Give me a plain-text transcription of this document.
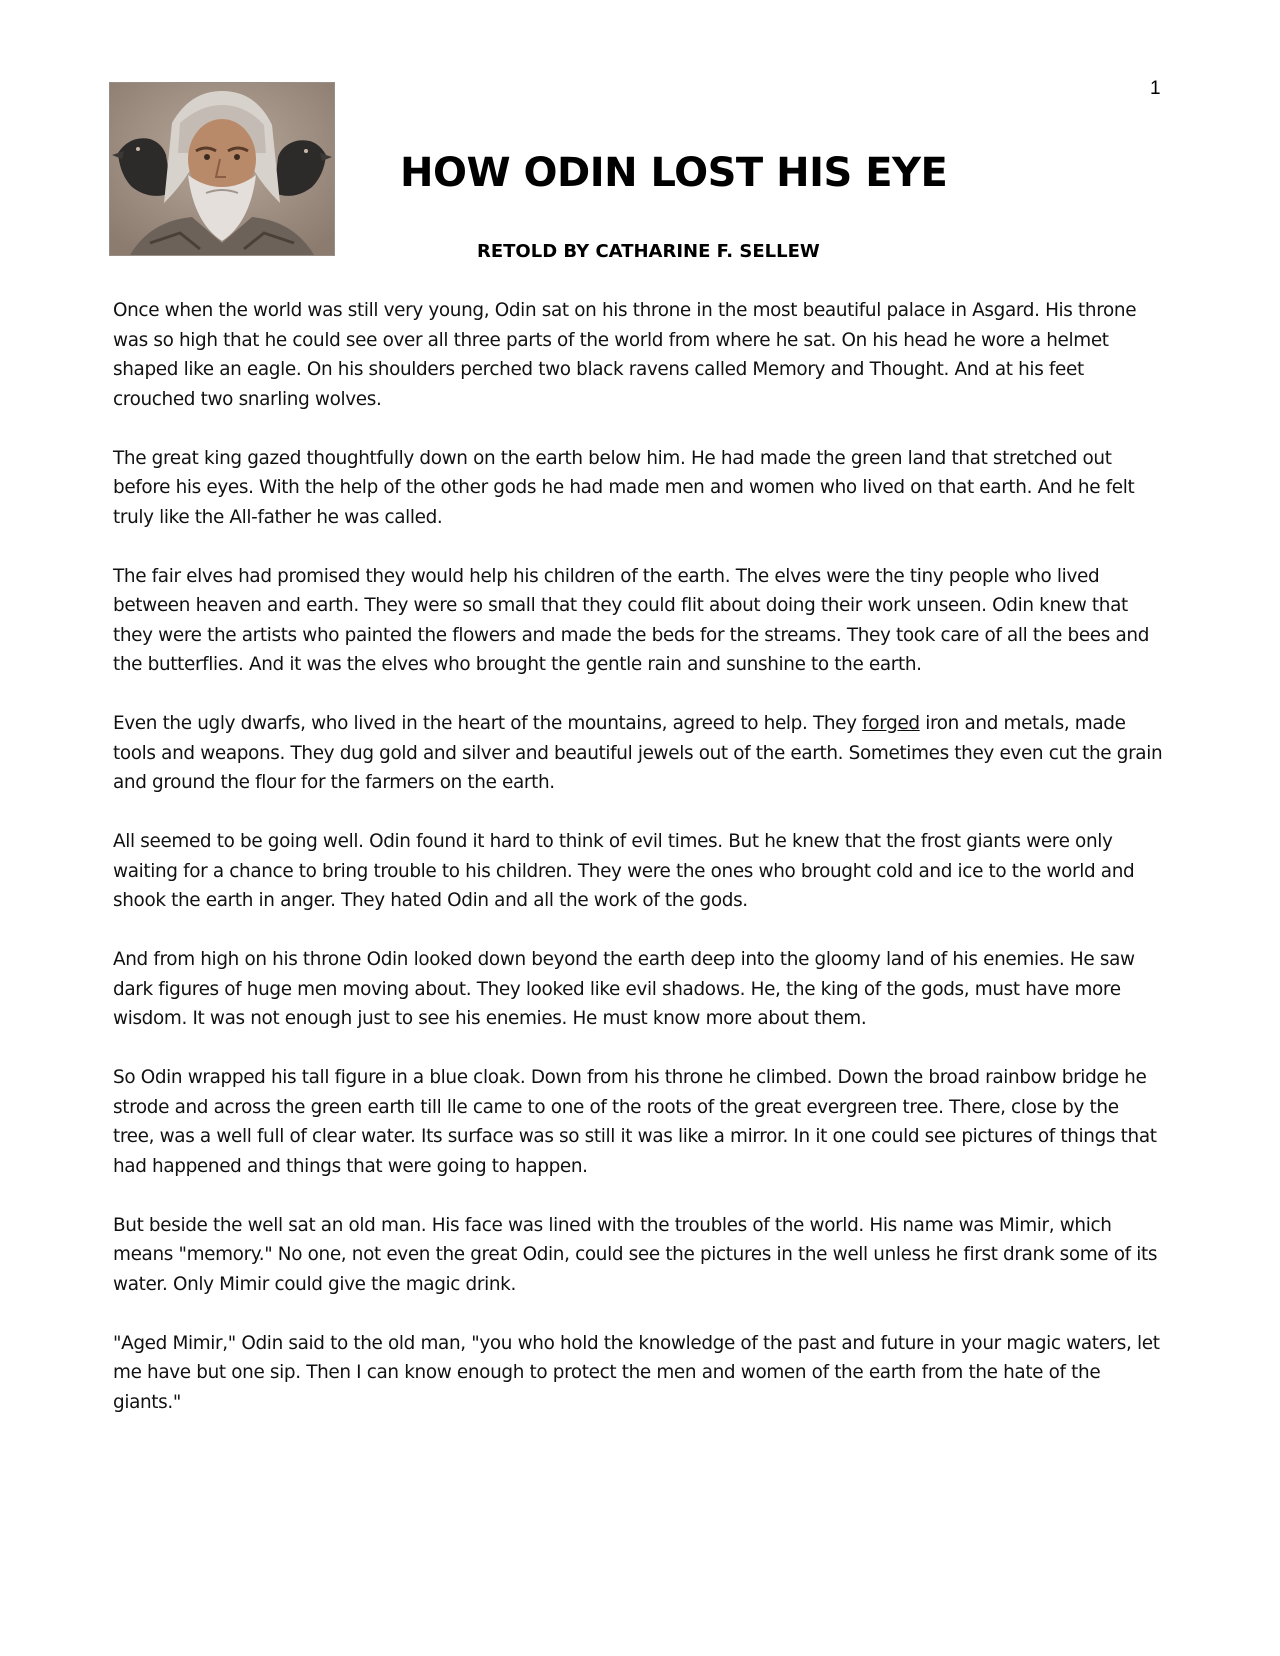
1
HOW ODIN LOST HIS EYE
RETOLD BY CATHARINE F. SELLEW

Once when the world was still very young, Odin sat on his throne in the most beautiful palace in Asgard. His throne was so high that he could see over all three parts of the world from where he sat. On his head he wore a helmet shaped like an eagle. On his shoulders perched two black ravens called Memory and Thought. And at his feet crouched two snarling wolves.

The great king gazed thoughtfully down on the earth below him. He had made the green land that stretched out before his eyes. With the help of the other gods he had made men and women who lived on that earth. And he felt truly like the All-father he was called.

The fair elves had promised they would help his children of the earth. The elves were the tiny people who lived between heaven and earth. They were so small that they could flit about doing their work unseen. Odin knew that they were the artists who painted the flowers and made the beds for the streams. They took care of all the bees and the butterflies. And it was the elves who brought the gentle rain and sunshine to the earth.

Even the ugly dwarfs, who lived in the heart of the mountains, agreed to help. They forged iron and metals, made tools and weapons. They dug gold and silver and beautiful jewels out of the earth. Sometimes they even cut the grain and ground the flour for the farmers on the earth.

All seemed to be going well. Odin found it hard to think of evil times. But he knew that the frost giants were only waiting for a chance to bring trouble to his children. They were the ones who brought cold and ice to the world and shook the earth in anger. They hated Odin and all the work of the gods.

And from high on his throne Odin looked down beyond the earth deep into the gloomy land of his enemies. He saw dark figures of huge men moving about. They looked like evil shadows. He, the king of the gods, must have more wisdom. It was not enough just to see his enemies. He must know more about them.

So Odin wrapped his tall figure in a blue cloak. Down from his throne he climbed. Down the broad rainbow bridge he strode and across the green earth till lle came to one of the roots of the great evergreen tree. There, close by the tree, was a well full of clear water. Its surface was so still it was like a mirror. In it one could see pictures of things that had happened and things that were going to happen.

But beside the well sat an old man. His face was lined with the troubles of the world. His name was Mimir, which means "memory." No one, not even the great Odin, could see the pictures in the well unless he first drank some of its water. Only Mimir could give the magic drink.

"Aged Mimir," Odin said to the old man, "you who hold the knowledge of the past and future in your magic waters, let me have but one sip. Then I can know enough to protect the men and women of the earth from the hate of the giants."
